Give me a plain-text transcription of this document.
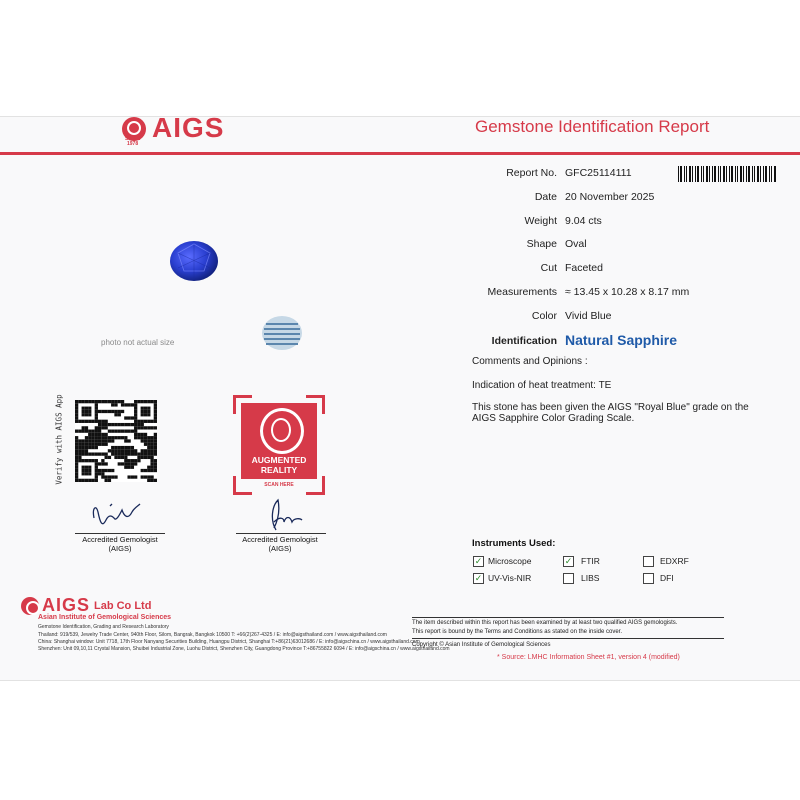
AIGS
SINCE
1978
Gemstone Identification Report
Report No. GFC25114111
Date 20 November 2025
Weight 9.04 cts
Shape Oval
Cut Faceted
Measurements ≈ 13.45 x 10.28 x 8.17 mm
Color Vivid Blue
Identification Natural Sapphire
Comments and Opinions :
Indication of heat treatment: TE
This stone has been given the AIGS "Royal Blue" grade on the
AIGS Sapphire Color Grading Scale.
photo not actual size
Verify with AIGS App	AUGMENTED
REALITY
SCAN HERE
Accredited Gemologist
(AIGS)
Accredited Gemologist
(AIGS)	Instruments Used:
✓ Microscope	✓ FTIR	EDXRF
✓ UV-Vis-NIR	LIBS	DFI
AIGS Lab Co Ltd
Asian Institute of Gemological Sciences
Gemstone Identification, Grading and Research Laboratory
Thailand: 919/539, Jewelry Trade Center, 940th Floor, Silom, Bangrak, Bangkok 10500 T: +66(2)267-4325 / E: info@aigsthailand.com / www.aigsthailand.com
China: Shanghai window: Unit 7718, 17th Floor Nanyang Securities Building, Huangpu District, Shanghai T:+86(21)63012686 / E: info@aigschina.cn / www.aigsthailand.com
Shenzhen: Unit 09,10,11 Crystal Mansion, Shuibei Industrial Zone, Luohu District, Shenzhen City, Guangdong Province T:+86755822 6094 / E: info@aigschina.cn / www.aigsthailand.com
The item described within this report has been examined by at least two qualified AIGS gemologists.
This report is bound by the Terms and Conditions as stated on the inside cover.
Copyright © Asian Institute of Gemological Sciences
* Source: LMHC Information Sheet #1, version 4 (modified)
